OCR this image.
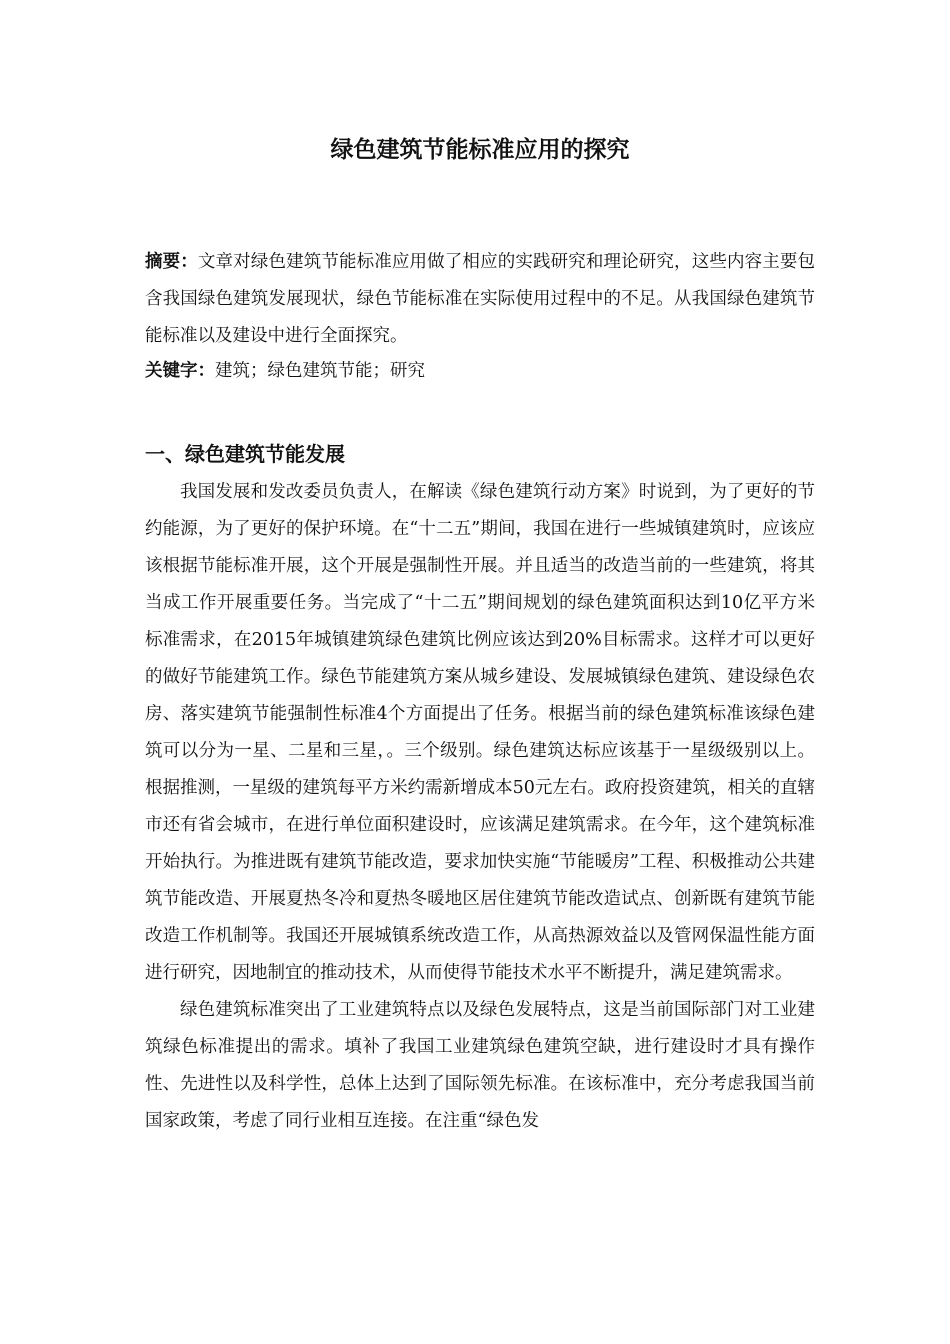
绿色建筑节能标准应用的探究

摘要：文章对绿色建筑节能标准应用做了相应的实践研究和理论研究，这些内容主要包含我国绿色建筑发展现状，绿色节能标准在实际使用过程中的不足。从我国绿色建筑节能标准以及建设中进行全面探究。

关键字：建筑；绿色建筑节能；研究

一、绿色建筑节能发展

我国发展和发改委员负责人，在解读《绿色建筑行动方案》时说到，为了更好的节约能源，为了更好的保护环境。在“十二五”期间，我国在进行一些城镇建筑时，应该应该根据节能标准开展，这个开展是强制性开展。并且适当的改造当前的一些建筑，将其当成工作开展重要任务。当完成了“十二五”期间规划的绿色建筑面积达到10亿平方米标准需求，在2015年城镇建筑绿色建筑比例应该达到20%目标需求。这样才可以更好的做好节能建筑工作。绿色节能建筑方案从城乡建设、发展城镇绿色建筑、建设绿色农房、落实建筑节能强制性标准4个方面提出了任务。根据当前的绿色建筑标准该绿色建筑可以分为一星、二星和三星，。三个级别。绿色建筑达标应该基于一星级级别以上。根据推测，一星级的建筑每平方米约需新增成本50元左右。政府投资建筑，相关的直辖市还有省会城市，在进行单位面积建设时，应该满足建筑需求。在今年，这个建筑标准开始执行。为推进既有建筑节能改造，要求加快实施“节能暖房”工程、积极推动公共建筑节能改造、开展夏热冬冷和夏热冬暖地区居住建筑节能改造试点、创新既有建筑节能改造工作机制等。我国还开展城镇系统改造工作，从高热源效益以及管网保温性能方面进行研究，因地制宜的推动技术，从而使得节能技术水平不断提升，满足建筑需求。

绿色建筑标准突出了工业建筑特点以及绿色发展特点，这是当前国际部门对工业建筑绿色标准提出的需求。填补了我国工业建筑绿色建筑空缺，进行建设时才具有操作性、先进性以及科学性，总体上达到了国际领先标准。在该标准中，充分考虑我国当前国家政策，考虑了同行业相互连接。在注重“绿色发
